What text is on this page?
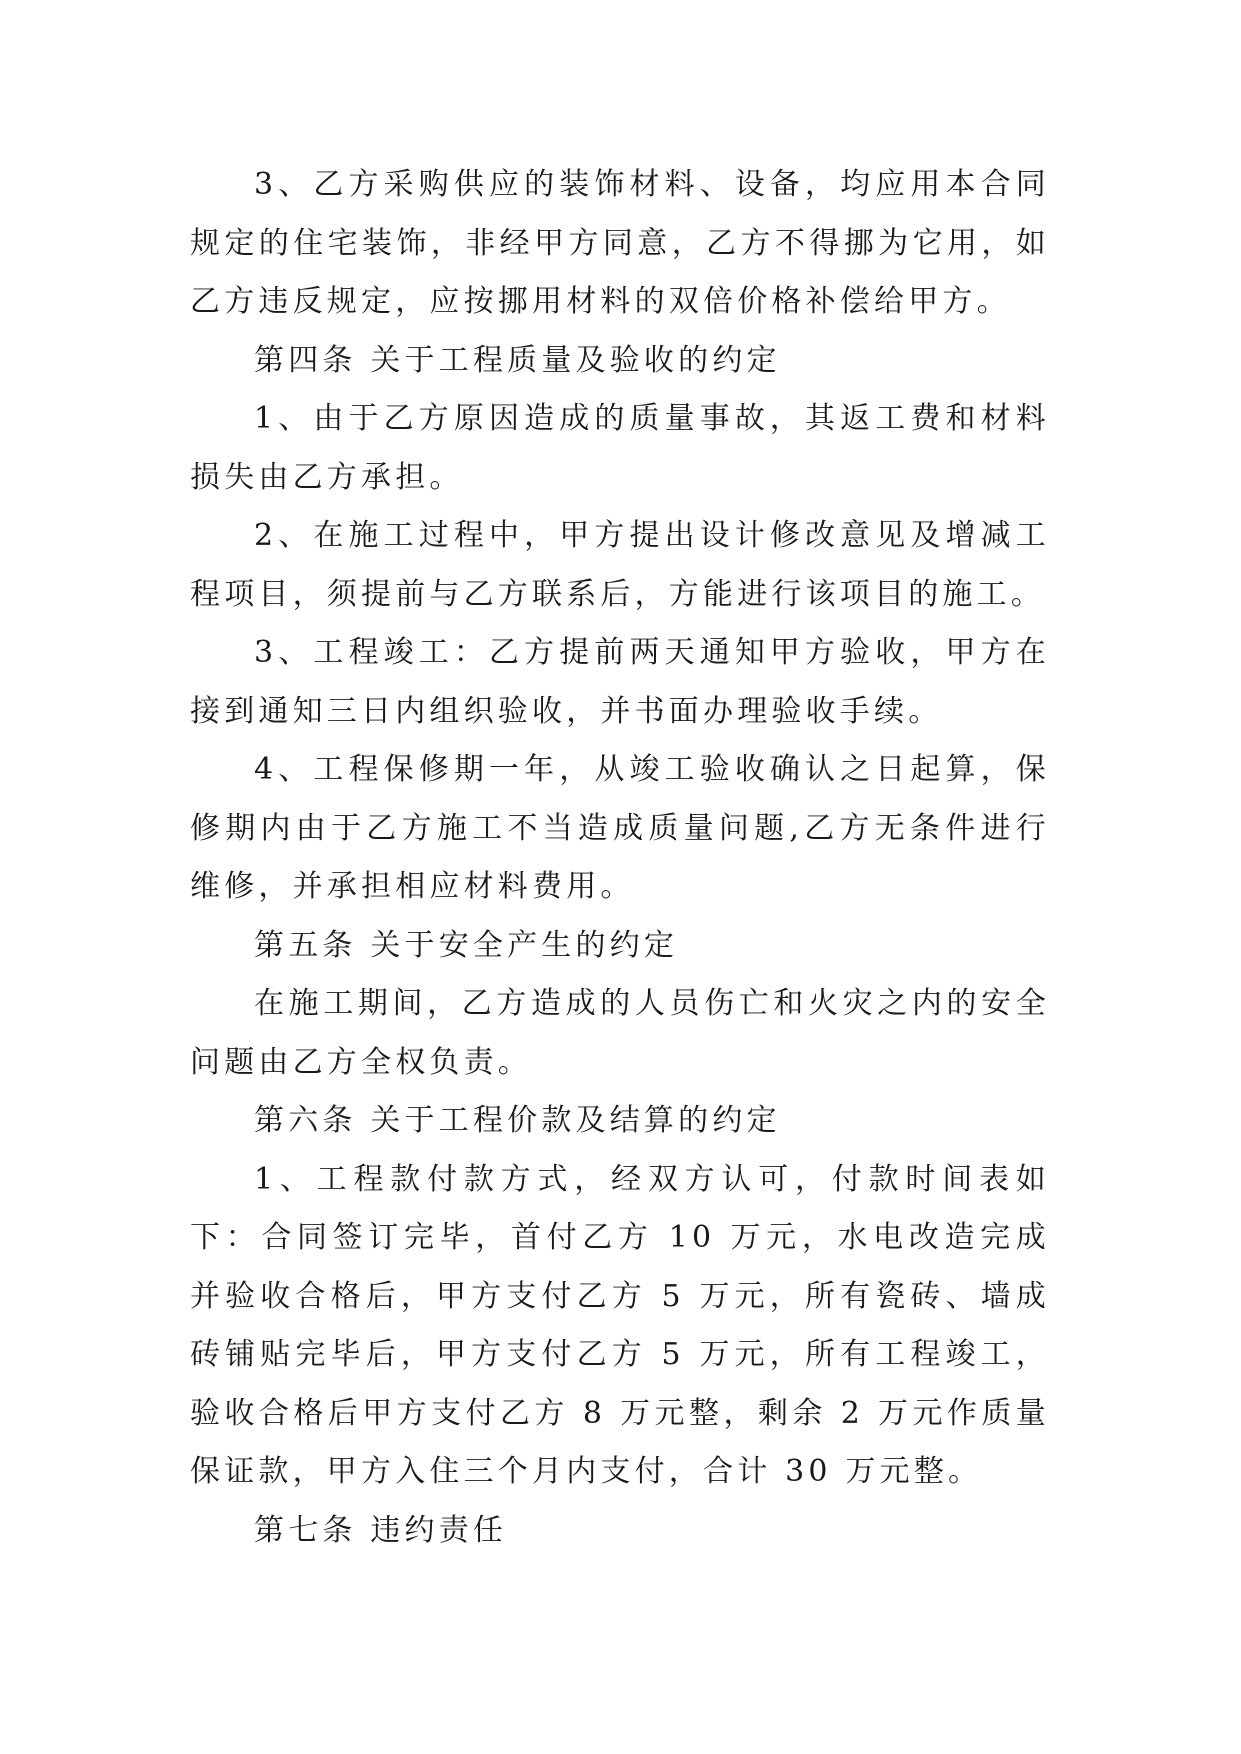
3、乙方采购供应的装饰材料、设备，均应用本合同规定的住宅装饰，非经甲方同意，乙方不得挪为它用，如乙方违反规定，应按挪用材料的双倍价格补偿给甲方。

第四条 关于工程质量及验收的约定

1、由于乙方原因造成的质量事故，其返工费和材料损失由乙方承担。

2、在施工过程中，甲方提出设计修改意见及增减工程项目，须提前与乙方联系后，方能进行该项目的施工。

3、工程竣工：乙方提前两天通知甲方验收，甲方在接到通知三日内组织验收，并书面办理验收手续。

4、工程保修期一年，从竣工验收确认之日起算，保修期内由于乙方施工不当造成质量问题,乙方无条件进行维修，并承担相应材料费用。

第五条 关于安全产生的约定

在施工期间，乙方造成的人员伤亡和火灾之内的安全问题由乙方全权负责。

第六条 关于工程价款及结算的约定

1、工程款付款方式，经双方认可，付款时间表如下：合同签订完毕，首付乙方 10 万元，水电改造完成并验收合格后，甲方支付乙方 5 万元，所有瓷砖、墙成砖铺贴完毕后，甲方支付乙方 5 万元，所有工程竣工，验收合格后甲方支付乙方 8 万元整，剩余 2 万元作质量保证款，甲方入住三个月内支付，合计 30 万元整。

第七条 违约责任
